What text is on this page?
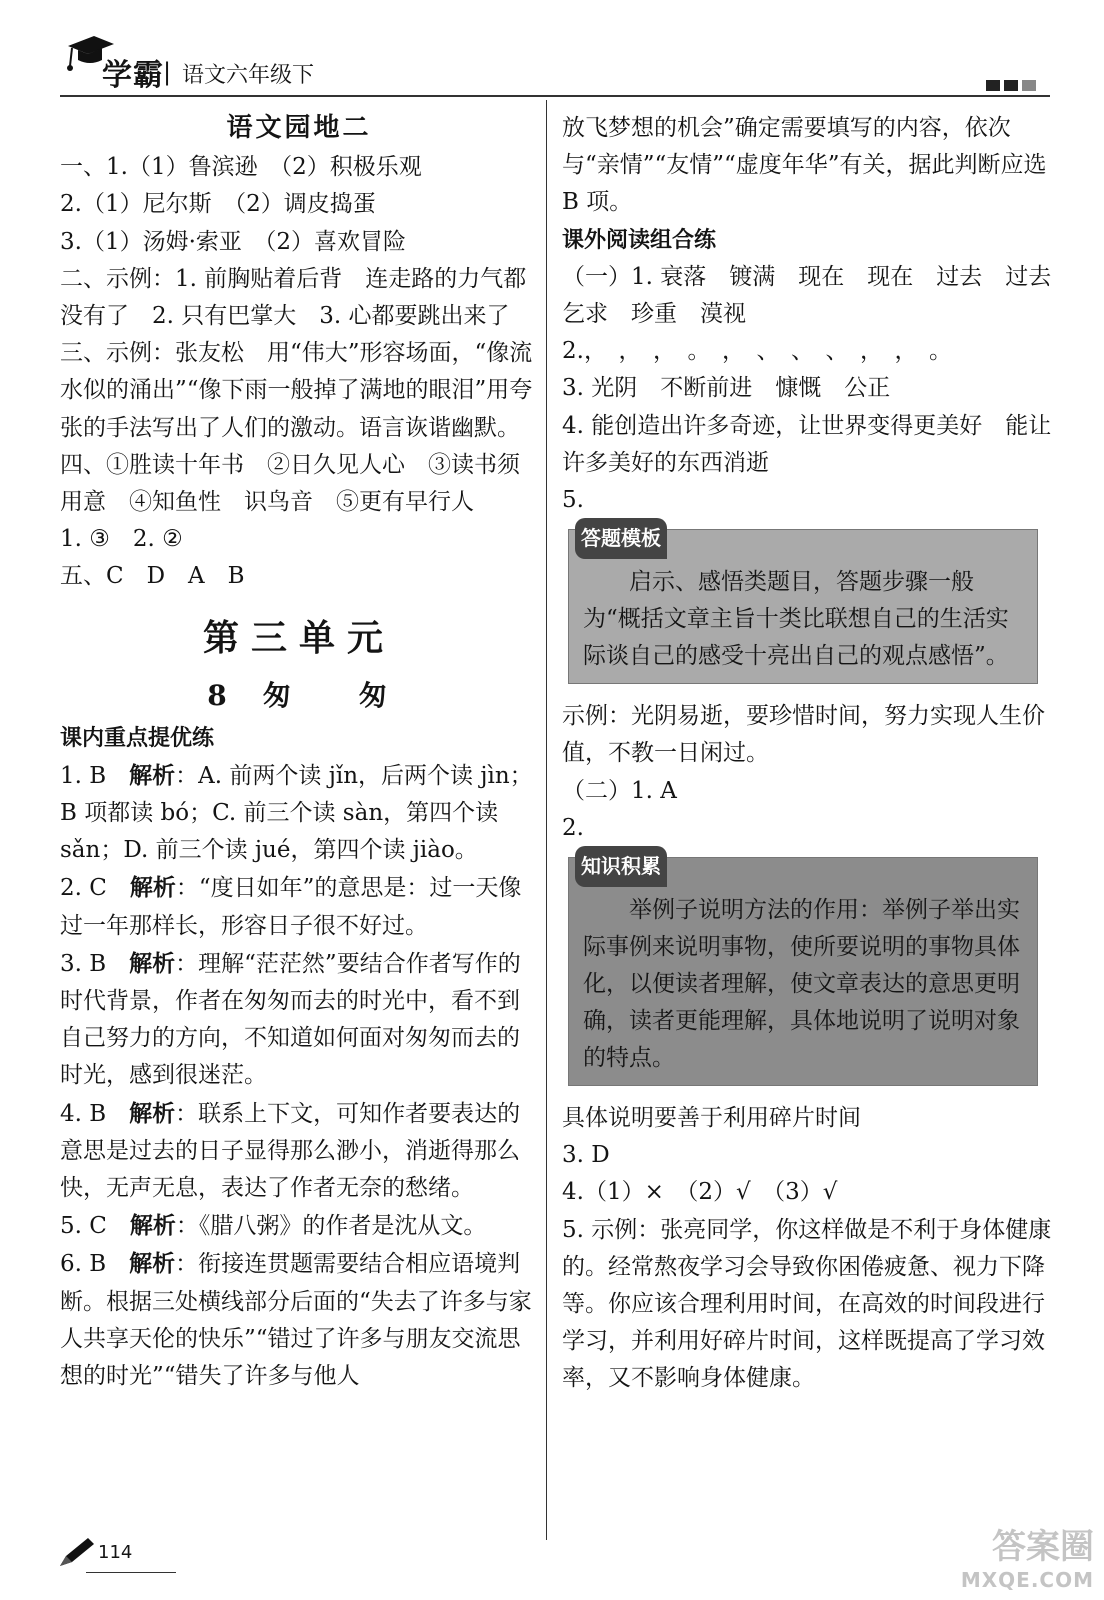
学霸 | 语文六年级下
语文园地二

一、1.（1）鲁滨逊　（2）积极乐观

2.（1）尼尔斯　（2）调皮捣蛋

3.（1）汤姆·索亚　（2）喜欢冒险

二、示例：1. 前胸贴着后背　连走路的力气都没有了　2. 只有巴掌大　3. 心都要跳出来了

三、示例：张友松　用“伟大”形容场面，“像流水似的涌出”“像下雨一般掉了满地的眼泪”用夸张的手法写出了人们的激动。语言诙谐幽默。

四、①胜读十年书　②日久见人心　③读书须用意　④知鱼性　识鸟音　⑤更有早行人

1. ③　2. ②

五、C　D　A　B

第三单元
8　匆　　匆

课内重点提优练

1. B　 解析：A. 前两个读 jǐn，后两个读 jìn；B 项都读 bó；C. 前三个读 sàn，第四个读 sǎn；D. 前三个读 jué，第四个读 jiào。

2. C　 解析：“度日如年”的意思是：过一天像过一年那样长，形容日子很不好过。

3. B　 解析：理解“茫茫然”要结合作者写作的时代背景，作者在匆匆而去的时光中，看不到自己努力的方向，不知道如何面对匆匆而去的时光，感到很迷茫。

4. B　 解析：联系上下文，可知作者要表达的意思是过去的日子显得那么渺小，消逝得那么快，无声无息，表达了作者无奈的愁绪。

5. C　 解析：《腊八粥》的作者是沈从文。

6. B　 解析：衔接连贯题需要结合相应语境判断。根据三处横线部分后面的“失去了许多与家人共享天伦的快乐”“错过了许多与朋友交流思想的时光”“错失了许多与他人

放飞梦想的机会”确定需要填写的内容，依次与“亲情”“友情”“虚度年华”有关，据此判断应选 B 项。

课外阅读组合练

（一）1. 衰落　镀满　现在　现在　过去　过去　乞求　珍重　漠视

2.，　，　，　。　，　、　、　、　，　，　。

3. 光阴　不断前进　慷慨　公正

4. 能创造出许多奇迹，让世界变得更美好　能让许多美好的东西消逝

5.

答题模板
启示、感悟类题目，答题步骤一般为“概括文章主旨十类比联想自己的生活实际谈自己的感受十亮出自己的观点感悟”。

示例：光阴易逝，要珍惜时间，努力实现人生价值，不教一日闲过。

（二）1. A

2.

知识积累
举例子说明方法的作用：举例子举出实际事例来说明事物，使所要说明的事物具体化，以便读者理解，使文章表达的意思更明确，读者更能理解，具体地说明了说明对象的特点。

具体说明要善于利用碎片时间

3. D

4.（1）×　（2）√　（3）√

5. 示例：张亮同学，你这样做是不利于身体健康的。经常熬夜学习会导致你困倦疲惫、视力下降等。你应该合理利用时间，在高效的时间段进行学习，并利用好碎片时间，这样既提高了学习效率，又不影响身体健康。

114	答案圈
MXQE.COM
